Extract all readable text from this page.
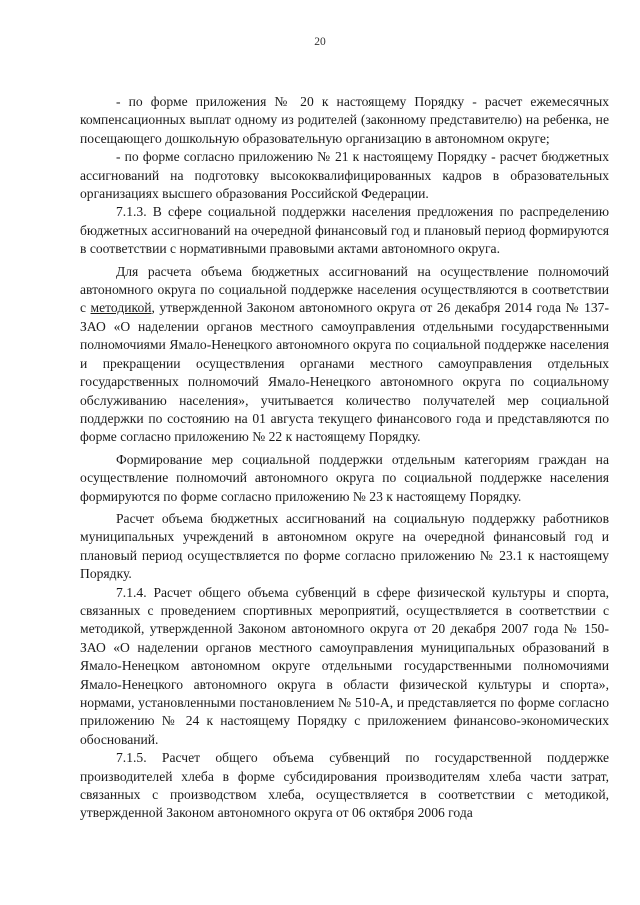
20

- по форме приложения № 20 к настоящему Порядку - расчет ежемесячных компенсационных выплат одному из родителей (законному представителю) на ребенка, не посещающего дошкольную образовательную организацию в автономном округе;

- по форме согласно приложению № 21 к настоящему Порядку - расчет бюджетных ассигнований на подготовку высококвалифицированных кадров в образовательных организациях высшего образования Российской Федерации.

7.1.3. В сфере социальной поддержки населения предложения по распределению бюджетных ассигнований на очередной финансовый год и плановый период формируются в соответствии с нормативными правовыми актами автономного округа.

Для расчета объема бюджетных ассигнований на осуществление полномочий автономного округа по социальной поддержке населения осуществляются в соответствии с методикой, утвержденной Законом автономного округа от 26 декабря 2014 года № 137-ЗАО «О наделении органов местного самоуправления отдельными государственными полномочиями Ямало-Ненецкого автономного округа по социальной поддержке населения и прекращении осуществления органами местного самоуправления отдельных государственных полномочий Ямало-Ненецкого автономного округа по социальному обслуживанию населения», учитывается количество получателей мер социальной поддержки по состоянию на 01 августа текущего финансового года и представляются по форме согласно приложению № 22 к настоящему Порядку.

Формирование мер социальной поддержки отдельным категориям граждан на осуществление полномочий автономного округа по социальной поддержке населения формируются по форме согласно приложению № 23 к настоящему Порядку.

Расчет объема бюджетных ассигнований на социальную поддержку работников муниципальных учреждений в автономном округе на очередной финансовый год и плановый период осуществляется по форме согласно приложению № 23.1 к настоящему Порядку.

7.1.4. Расчет общего объема субвенций в сфере физической культуры и спорта, связанных с проведением спортивных мероприятий, осуществляется в соответствии с методикой, утвержденной Законом автономного округа от 20 декабря 2007 года № 150-ЗАО «О наделении органов местного самоуправления муниципальных образований в Ямало-Ненецком автономном округе отдельными государственными полномочиями Ямало-Ненецкого автономного округа в области физической культуры и спорта», нормами, установленными постановлением № 510-А, и представляется по форме согласно приложению № 24 к настоящему Порядку с приложением финансово-экономических обоснований.

7.1.5. Расчет общего объема субвенций по государственной поддержке производителей хлеба в форме субсидирования производителям хлеба части затрат, связанных с производством хлеба, осуществляется в соответствии с методикой, утвержденной Законом автономного округа от 06 октября 2006 года
